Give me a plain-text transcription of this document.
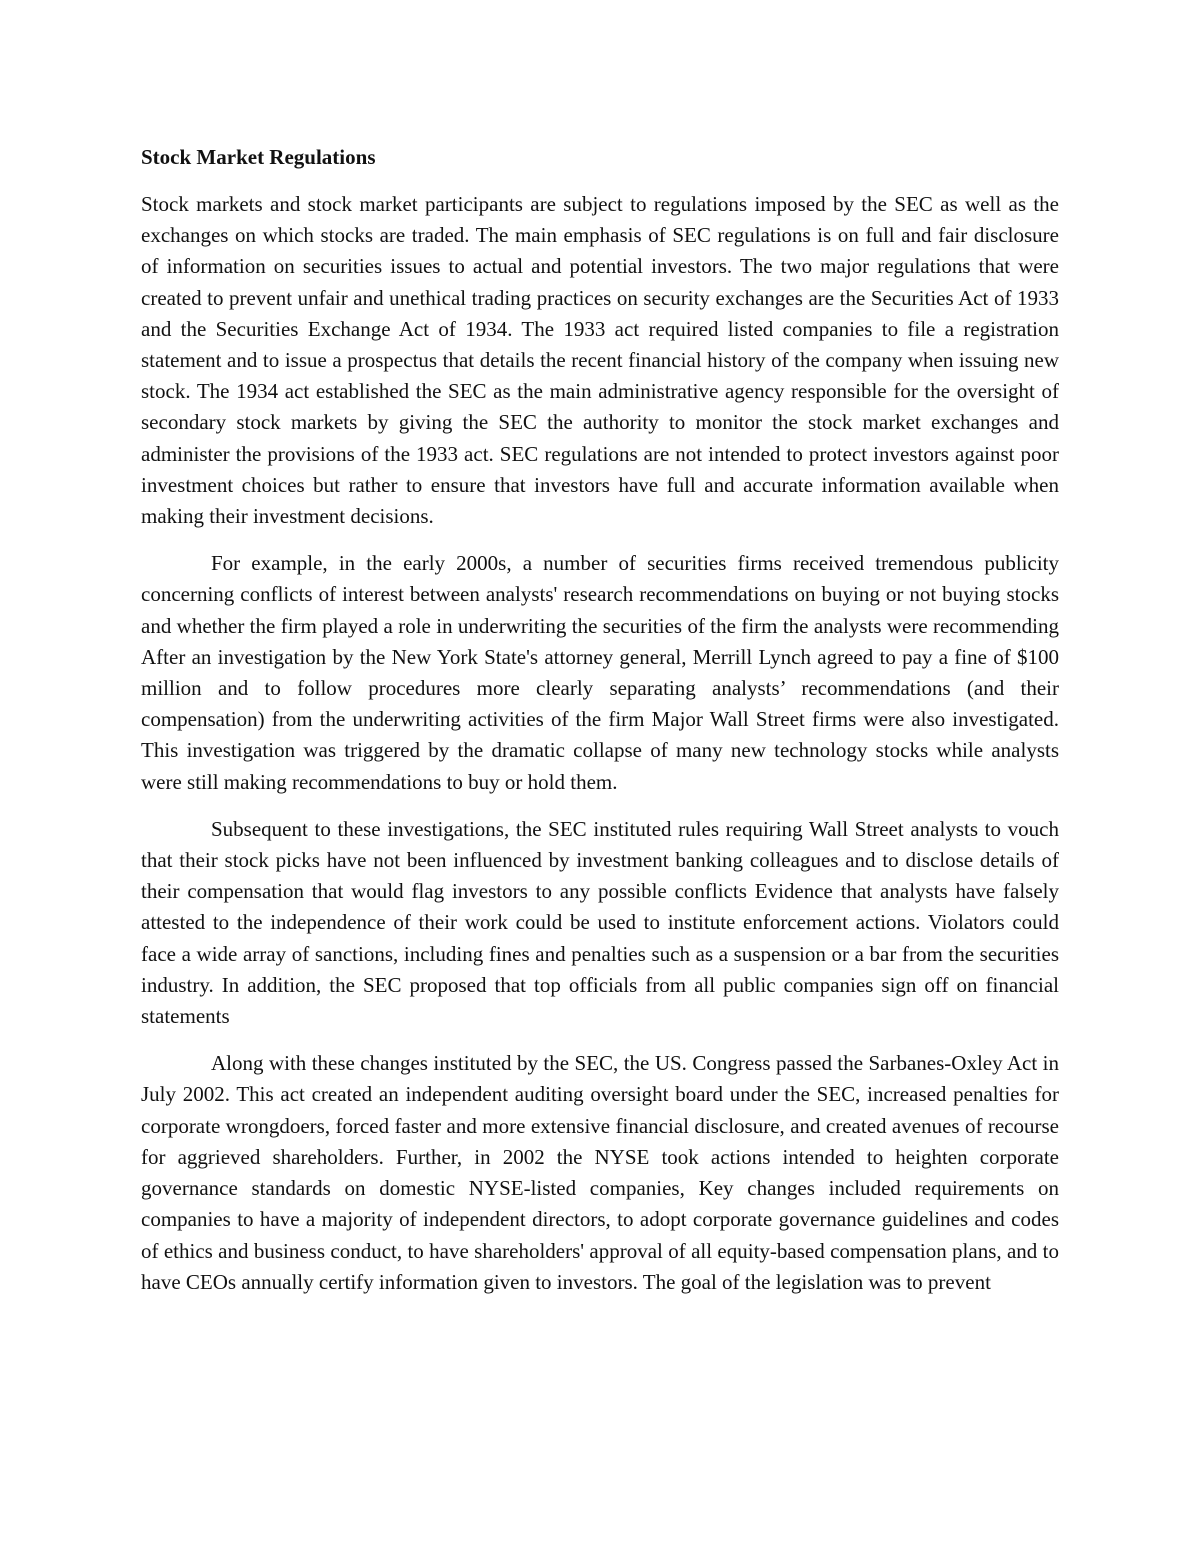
Stock Market Regulations

Stock markets and stock market participants are subject to regulations imposed by the SEC as well as the exchanges on which stocks are traded. The main emphasis of SEC regulations is on full and fair disclosure of information on securities issues to actual and potential investors. The two major regulations that were created to prevent unfair and unethical trading practices on security exchanges are the Securities Act of 1933 and the Securities Exchange Act of 1934. The 1933 act required listed companies to file a registration statement and to issue a prospectus that details the recent financial history of the company when issuing new stock. The 1934 act established the SEC as the main administrative agency responsible for the oversight of secondary stock markets by giving the SEC the authority to monitor the stock market exchanges and administer the provisions of the 1933 act. SEC regulations are not intended to protect investors against poor investment choices but rather to ensure that investors have full and accurate information available when making their investment decisions.

For example, in the early 2000s, a number of securities firms received tremendous publicity concerning conflicts of interest between analysts' research recommendations on buying or not buying stocks and whether the firm played a role in underwriting the securities of the firm the analysts were recommending After an investigation by the New York State's attorney general, Merrill Lynch agreed to pay a fine of $100 million and to follow procedures more clearly separating analysts’ recommendations (and their compensation) from the underwriting activities of the firm Major Wall Street firms were also investigated. This investigation was triggered by the dramatic collapse of many new technology stocks while analysts were still making recommendations to buy or hold them.

Subsequent to these investigations, the SEC instituted rules requiring Wall Street analysts to vouch that their stock picks have not been influenced by investment banking colleagues and to disclose details of their compensation that would flag investors to any possible conflicts Evidence that analysts have falsely attested to the independence of their work could be used to institute enforcement actions. Violators could face a wide array of sanctions, including fines and penalties such as a suspension or a bar from the securities industry. In addition, the SEC proposed that top officials from all public companies sign off on financial statements

Along with these changes instituted by the SEC, the US. Congress passed the Sarbanes-Oxley Act in July 2002. This act created an independent auditing oversight board under the SEC, increased penalties for corporate wrongdoers, forced faster and more extensive financial disclosure, and created avenues of recourse for aggrieved shareholders. Further, in 2002 the NYSE took actions intended to heighten corporate governance standards on domestic NYSE-listed companies, Key changes included requirements on companies to have a majority of independent directors, to adopt corporate governance guidelines and codes of ethics and business conduct, to have shareholders' approval of all equity-based compensation plans, and to have CEOs annually certify information given to investors. The goal of the legislation was to prevent
